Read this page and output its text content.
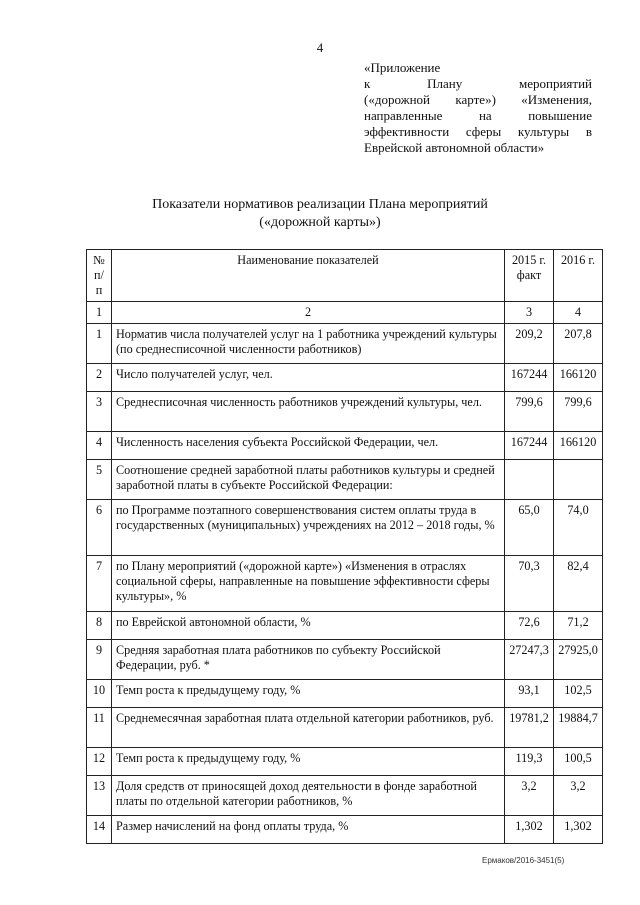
4
«Приложение
к Плану мероприятий
(«дорожной карте») «Изменения,
направленные на повышение
эффективности сферы культуры в
Еврейской автономной области»
Показатели нормативов реализации Плана мероприятий
(«дорожной карты»)
№ п/п	Наименование показателей	2015 г. факт	2016 г.
1	2	3	4
1	Норматив числа получателей услуг на 1 работника учреждений культуры (по среднесписочной численности работников)	209,2	207,8
2	Число получателей услуг, чел.	167244	166120
3	Среднесписочная численность работников учреждений культуры, чел.	799,6	799,6
4	Численность населения субъекта Российской Федерации, чел.	167244	166120
5	Соотношение средней заработной платы работников культуры и средней заработной платы в субъекте Российской Федерации:		
6	по Программе поэтапного совершенствования систем оплаты труда в государственных (муниципальных) учреждениях на 2012 – 2018 годы, %	65,0	74,0
7	по Плану мероприятий («дорожной карте») «Изменения в отраслях социальной сферы, направленные на повышение эффективности сферы культуры», %	70,3	82,4
8	по Еврейской автономной области, %	72,6	71,2
9	Средняя заработная плата работников по субъекту Российской Федерации, руб. *	27247,3	27925,0
10	Темп роста к предыдущему году, %	93,1	102,5
11	Среднемесячная заработная плата отдельной категории работников, руб.	19781,2	19884,7
12	Темп роста к предыдущему году, %	119,3	100,5
13	Доля средств от приносящей доход деятельности в фонде заработной платы по отдельной категории работников, %	3,2	3,2
14	Размер начислений на фонд оплаты труда, %	1,302	1,302
Ермаков/2016-3451(5)
